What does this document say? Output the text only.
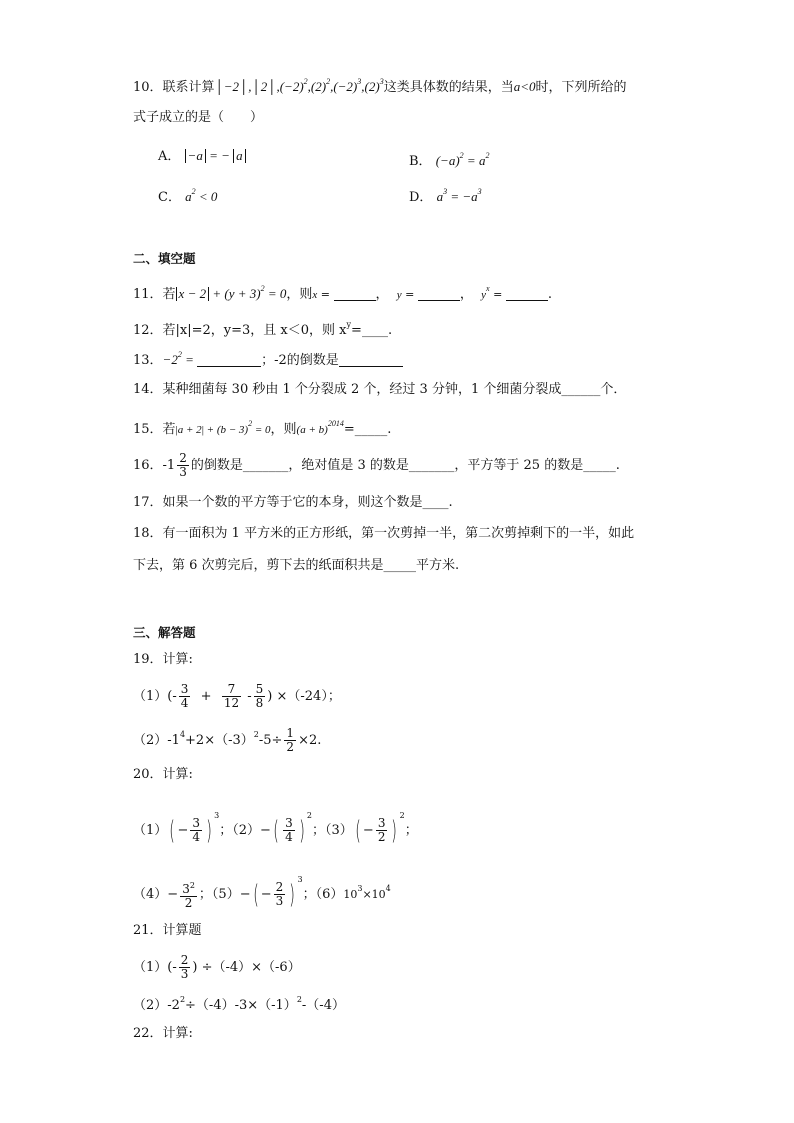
10．联系计算$│-2│,│2│,(-2)^2,(2)^2,(-2)^3,(2)^3$这类具体数的结果，当a<0时，下列所给的
式子成立的是（　　）
A． −a = − a	B． $(-a)^2 = a^2$
C． $a^2 < 0$	D． $a^3 = -a^3$
二、填空题
11．若 $x - 2 + (y + 3)^2 = 0$，则x =	，  y =	，  $y^x$ =	.
12．若|x|=2，y=3，且 x＜0，则 $x^y=\_\_\_\_$.
13．$-2^2$ =	；-2的倒数是
14．某种细菌每 30 秒由 1 个分裂成 2 个，经过 3 分钟，1 个细菌分裂成______个．
15．若$|a + 2| + (b - 3)^2 = 0$，则$(a + b)^{2014}=\_\_\_\_\_$.
16．$-1 \frac{2}{3}$ 的倒数是_______，绝对值是 3 的数是_______，平方等于 25 的数是_____.
17．如果一个数的平方等于它的本身，则这个数是____.
18．有一面积为 1 平方米的正方形纸，第一次剪掉一半，第二次剪掉剩下的一半，如此
下去，第 6 次剪完后，剪下去的纸面积共是_____平方米.
三、解答题
19．计算:
$(1)(- \frac{3}{4} + \frac{7}{12} - \frac{5}{8}$ ) ×（-24）；
$(2)-1^4+2\times(-3)^2-5\div \frac{1}{2} \times 2$.
20．计算:
$(1)( - \frac{3}{4}$ ) $^3$；$(2)-( \frac{3}{4}$ ) $^2$；$(3)( - \frac{3}{2}$ ) $^2$；
$(4)- \frac{3^2}{2}$ ；$(5)-( - \frac{2}{3}$ ) $^3$；$(6)10^3\times 10^4$
21．计算题
$(1)(- \frac{2}{3}$ ) ÷（-4）×（-6）
$(2)-2^2\div(-4)-3\times(-1)^2-(-4)$
22．计算:
